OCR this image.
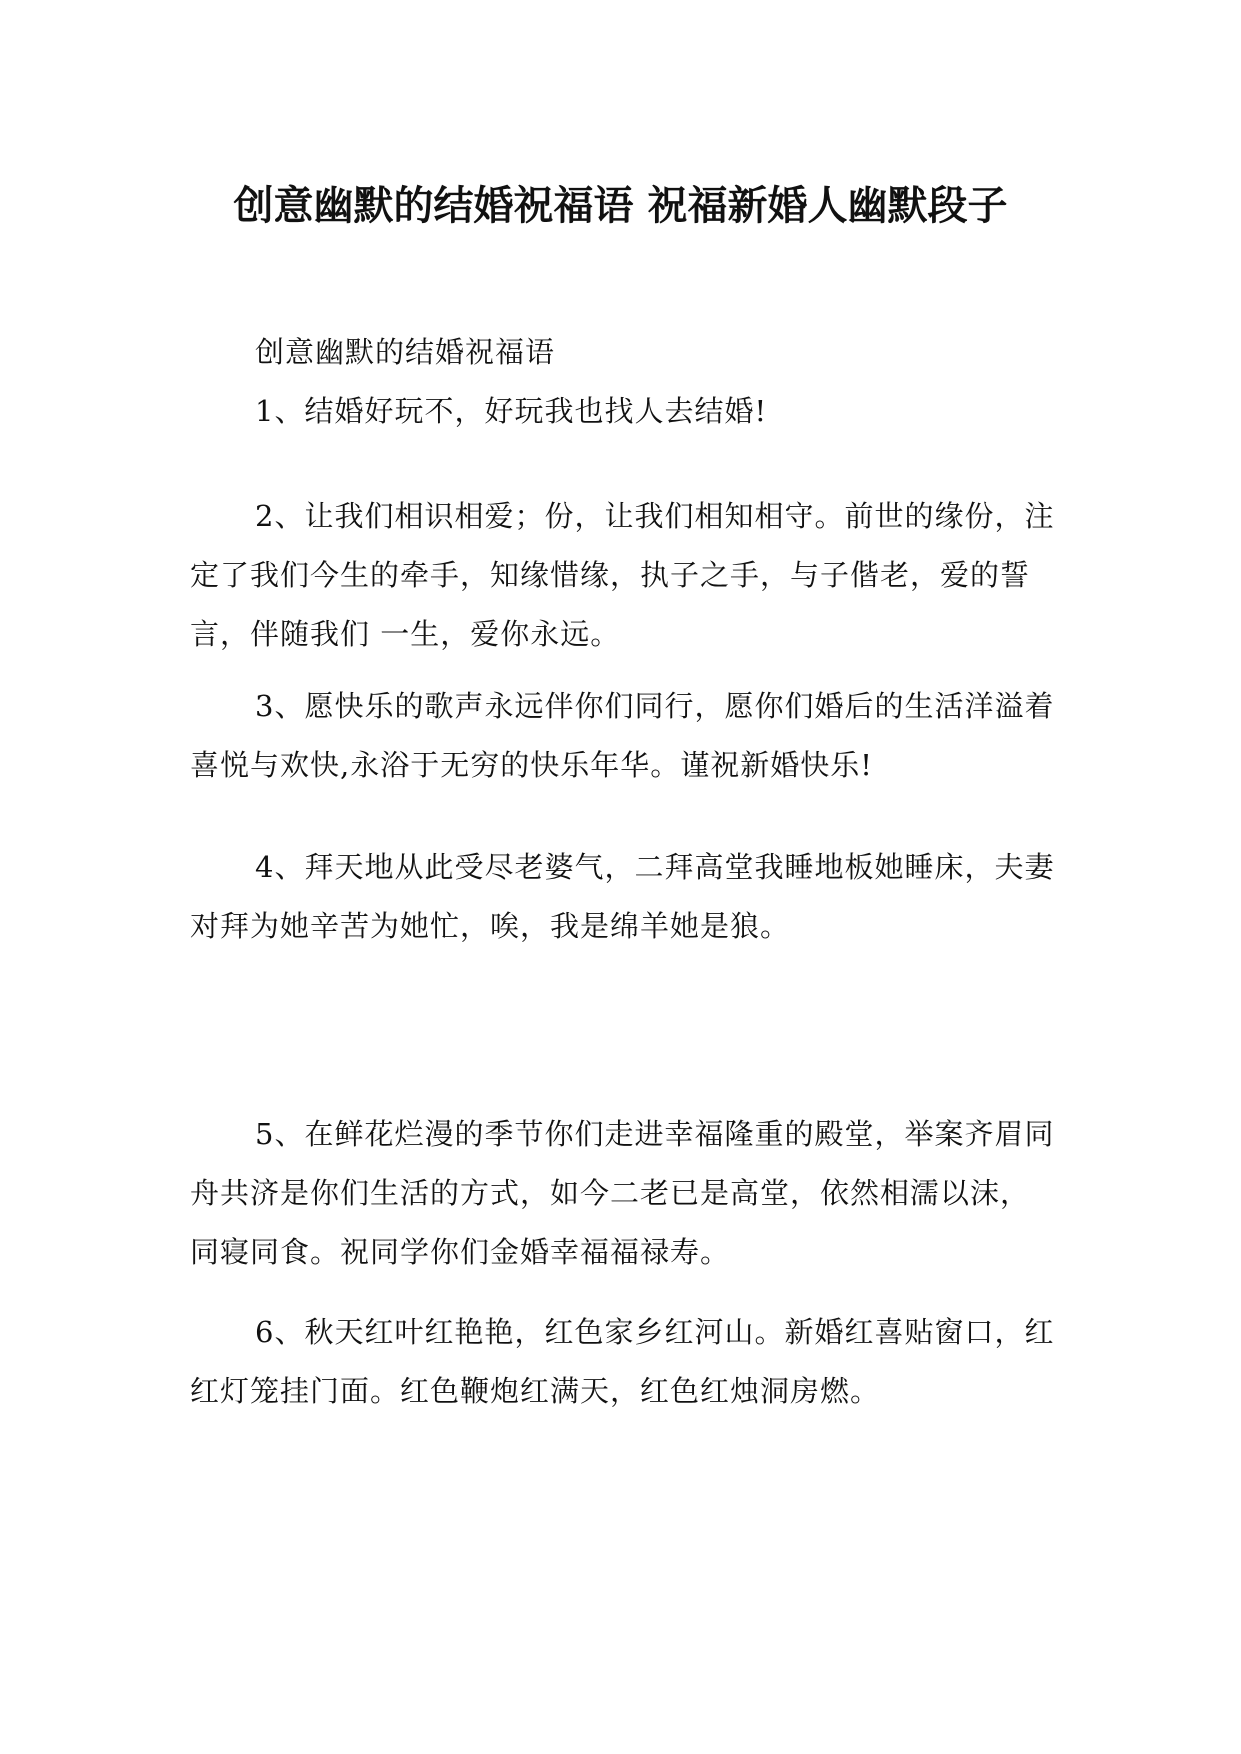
创意幽默的结婚祝福语 祝福新婚人幽默段子

创意幽默的结婚祝福语

1、结婚好玩不，好玩我也找人去结婚!

2、让我们相识相爱；份，让我们相知相守。前世的缘份，注定了我们今生的牵手，知缘惜缘，执子之手，与子偕老，爱的誓言，伴随我们 一生，爱你永远。

3、愿快乐的歌声永远伴你们同行，愿你们婚后的生活洋溢着喜悦与欢快,永浴于无穷的快乐年华。谨祝新婚快乐!

4、拜天地从此受尽老婆气，二拜高堂我睡地板她睡床，夫妻对拜为她辛苦为她忙，唉，我是绵羊她是狼。

5、在鲜花烂漫的季节你们走进幸福隆重的殿堂，举案齐眉同舟共济是你们生活的方式，如今二老已是高堂，依然相濡以沫，同寝同食。祝同学你们金婚幸福福禄寿。

6、秋天红叶红艳艳，红色家乡红河山。新婚红喜贴窗口，红红灯笼挂门面。红色鞭炮红满天，红色红烛洞房燃。
